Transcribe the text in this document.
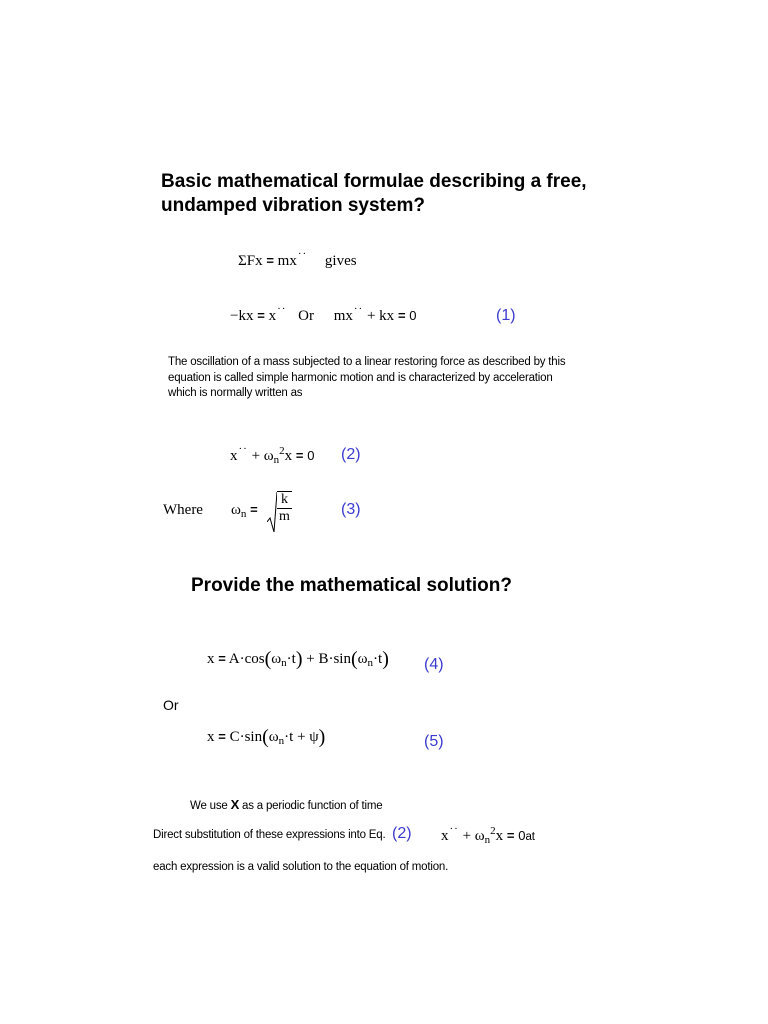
Basic mathematical formulae describing a free,
undamped vibration system?
ΣFx = mx·· gives
−kx = x·· Or mx·· + kx = 0	(1)
The oscillation of a mass subjected to a linear restoring force as described by this
equation is called simple harmonic motion and is characterized by acceleration
which is normally written as
$x^{\cdot\cdot} + \omega_n^2x = 0$ (2)
Where $\omega_n = \frac{k}{m}$	(3)
Provide the mathematical solution?
$x = A\cdot\cos(\omega_n\cdot t) + B\cdot\sin(\omega_n\cdot t)$ (4)
Or
$x = C\cdot\sin(\omega_n\cdot t + \psi)$	(5)
We use X as a periodic function of time
Direct substitution of these expressions into Eq. (2) $x^{\cdot\cdot} + \omega_n^2x = 0at$
each expression is a valid solution to the equation of motion.
